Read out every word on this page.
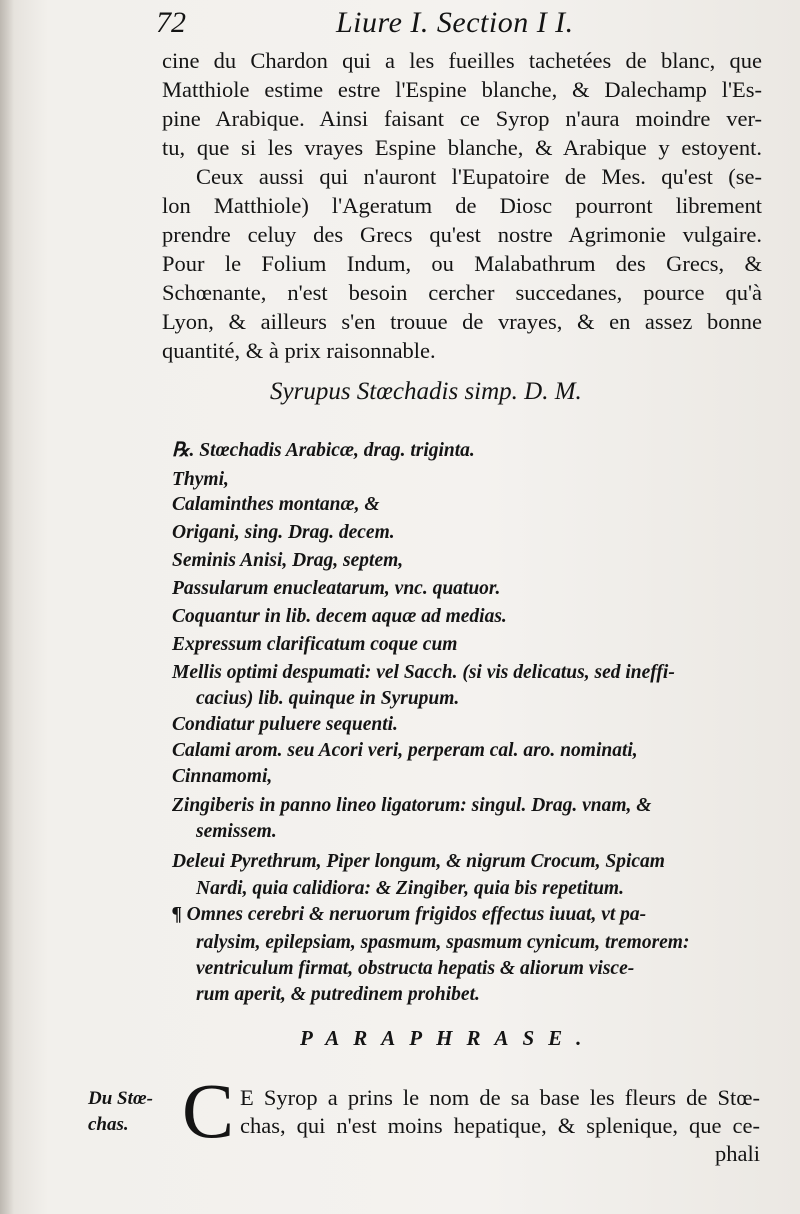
72	Liure I. Section I I.
cine du Chardon qui a les fueilles tachetées de blanc, que
Matthiole estime estre l'Espine blanche, & Dalechamp l'Es-
pine Arabique. Ainsi faisant ce Syrop n'aura moindre ver-
tu, que si les vrayes Espine blanche, & Arabique y estoyent.
Ceux aussi qui n'auront l'Eupatoire de Mes. qu'est (se-
lon Matthiole) l'Ageratum de Diosc pourront librement
prendre celuy des Grecs qu'est nostre Agrimonie vulgaire.
Pour le Folium Indum, ou Malabathrum des Grecs, &
Schœnante, n'est besoin cercher succedanes, pource qu'à
Lyon, & ailleurs s'en trouue de vrayes, & en assez bonne
quantité, & à prix raisonnable.
Syrupus Stœchadis simp. D. M.
℞. Stœchadis Arabicæ, drag. triginta.
Thymi,
Calaminthes montanæ, &
Origani, sing. Drag. decem.
Seminis Anisi, Drag, septem,
Passularum enucleatarum, vnc. quatuor.
Coquantur in lib. decem aquæ ad medias.
Expressum clarificatum coque cum
Mellis optimi despumati: vel Sacch. (si vis delicatus, sed ineffi-
cacius) lib. quinque in Syrupum.
Condiatur puluere sequenti.
Calami arom. seu Acori veri, perperam cal. aro. nominati,
Cinnamomi,
Zingiberis in panno lineo ligatorum: singul. Drag. vnam, &
semissem.
Deleui Pyrethrum, Piper longum, & nigrum Crocum, Spicam
Nardi, quia calidiora: & Zingiber, quia bis repetitum.
¶ Omnes cerebri & neruorum frigidos effectus iuuat, vt pa-
ralysim, epilepsiam, spasmum, spasmum cynicum, tremorem:
ventriculum firmat, obstructa hepatis & aliorum visce-
rum aperit, & putredinem prohibet.
PARAPHRASE.
Du Stœ-
chas. C E Syrop a prins le nom de sa base les fleurs de Stœ-
chas, qui n'est moins hepatique, & splenique, que ce-
phali
